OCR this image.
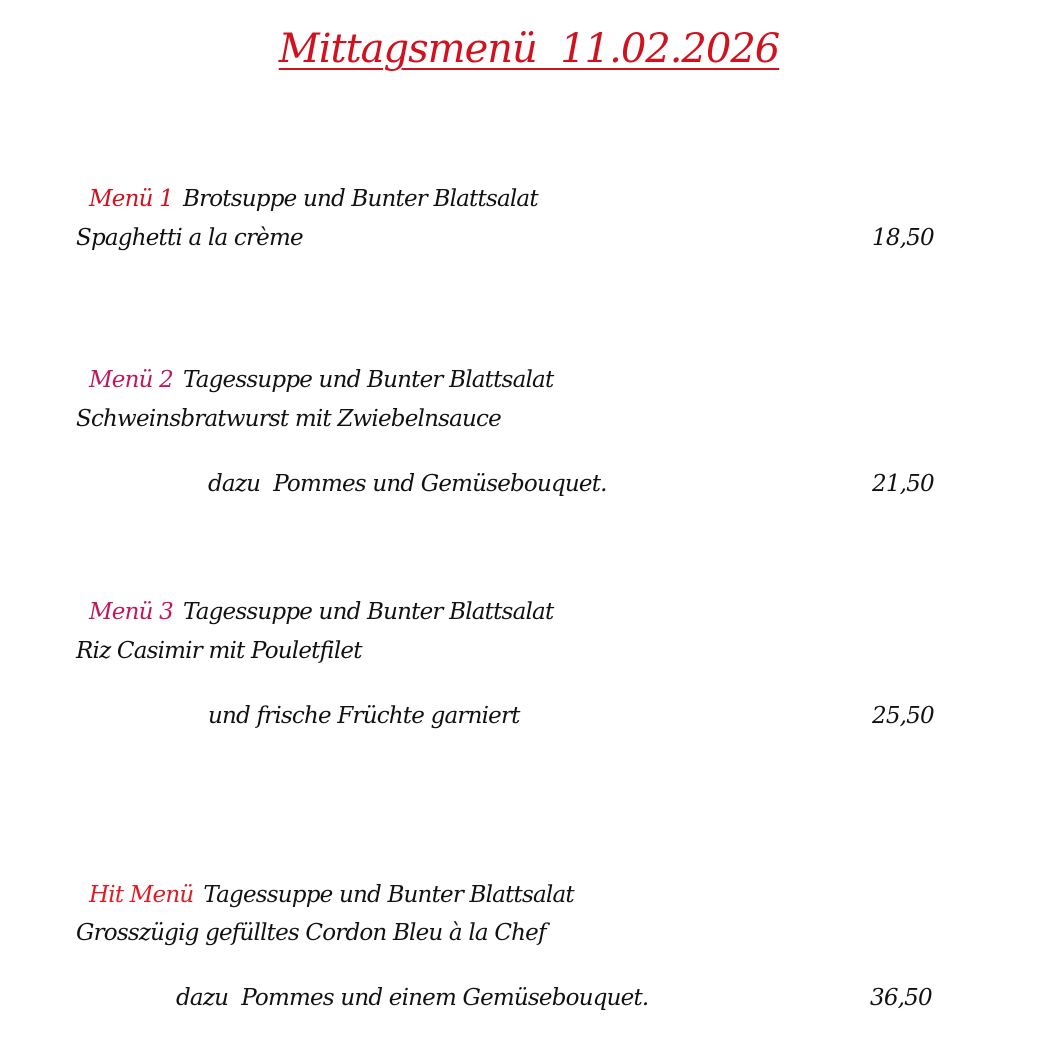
Mittagsmenü  11.02.2026

Menü 1 Brotsuppe und Bunter Blattsalat

Spaghetti a la crème	18,50

Menü 2 Tagessuppe und Bunter Blattsalat

Schweinsbratwurst mit Zwiebelnsauce
dazu  Pommes und Gemüsebouquet.	21,50

Menü 3 Tagessuppe und Bunter Blattsalat

Riz Casimir mit Pouletfilet
und frische Früchte garniert	25,50

Hit Menü Tagessuppe und Bunter Blattsalat

Grosszügig gefülltes Cordon Bleu à la Chef
dazu  Pommes und einem Gemüsebouquet.	36,50
